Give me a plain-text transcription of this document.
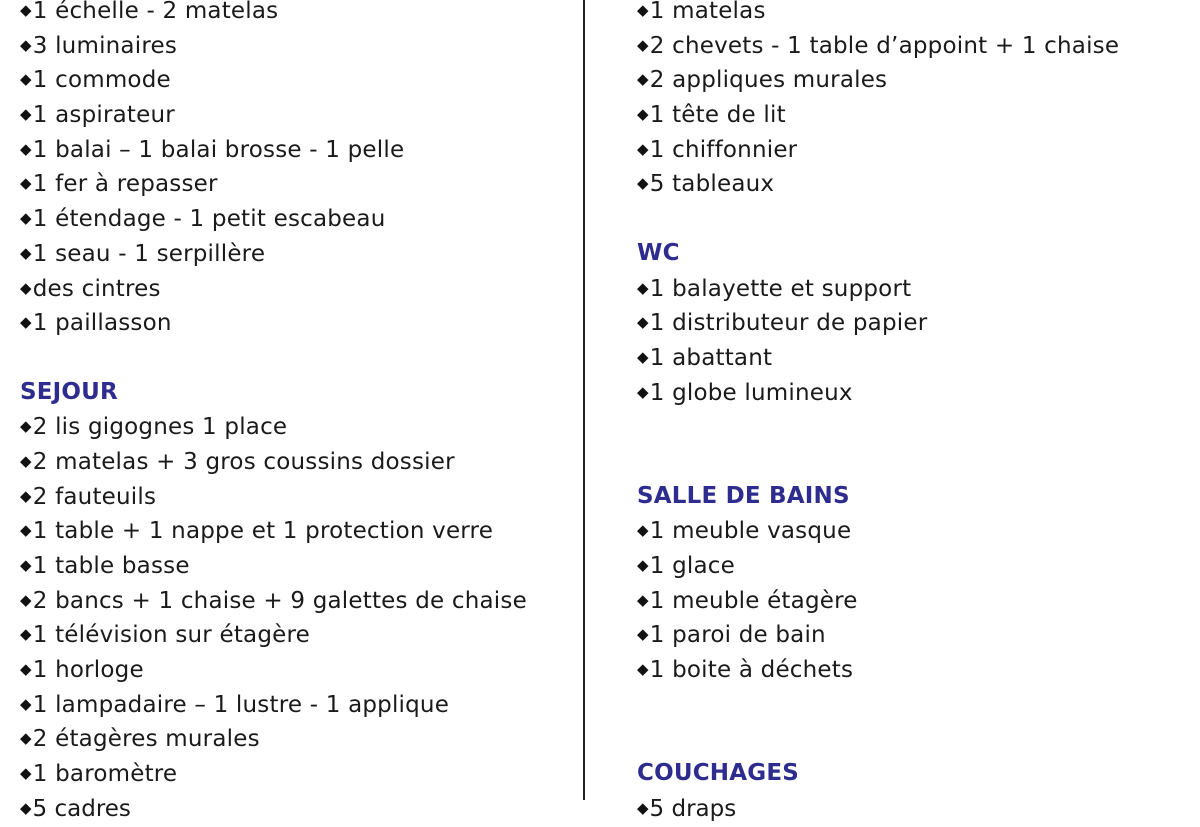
◆1 échelle - 2 matelas
◆3 luminaires
◆1 commode
◆1 aspirateur
◆1 balai – 1 balai brosse - 1 pelle
◆1 fer à repasser
◆1 étendage - 1 petit escabeau
◆1 seau - 1 serpillère
◆des cintres
◆1 paillasson
SEJOUR
◆2 lis gigognes 1 place
◆2 matelas + 3 gros coussins dossier
◆2 fauteuils
◆1 table + 1 nappe et 1 protection verre
◆1 table basse
◆2 bancs + 1 chaise + 9 galettes de chaise
◆1 télévision sur étagère
◆1 horloge
◆1 lampadaire – 1 lustre - 1 applique
◆2 étagères murales
◆1 baromètre
◆5 cadres
◆1 matelas
◆2 chevets - 1 table d’appoint + 1 chaise
◆2 appliques murales
◆1 tête de lit
◆1 chiffonnier
◆5 tableaux
WC
◆1 balayette et support
◆1 distributeur de papier
◆1 abattant
◆1 globe lumineux
SALLE DE BAINS
◆1 meuble vasque
◆1 glace
◆1 meuble étagère
◆1 paroi de bain
◆1 boite à déchets
COUCHAGES
◆5 draps
